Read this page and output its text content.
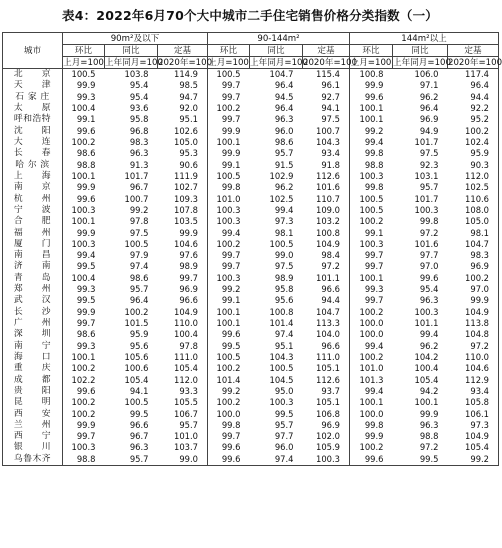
表4：2022年6月70个大中城市二手住宅销售价格分类指数（一）
城市	90m²及以下			90-144m²			144m²以上		
	环比	同比	定基	环比	同比	定基	环比	同比	定基
	上月=100	上年同月=100	2020年=100	上月=100	上年同月=100	2020年=100	上月=100	上年同月=100	2020年=100
北　　京	100.5	103.8	114.9	100.5	104.7	115.4	100.8	106.0	117.4
天　　津	99.9	95.4	98.5	99.7	96.4	96.1	99.9	97.1	96.4
石 家 庄	99.3	95.4	94.7	99.7	94.5	92.7	99.6	96.2	94.4
太　　原	100.4	93.6	92.0	100.2	96.4	94.1	100.1	96.4	92.2
呼和浩特	99.1	95.8	95.1	99.7	96.3	97.5	100.1	96.9	95.2
沈　　阳	99.6	96.8	102.6	99.9	96.0	100.7	99.2	94.9	100.2
大　　连	100.2	98.3	105.0	100.1	98.6	104.3	99.4	101.7	102.4
长　　春	98.6	96.3	95.3	99.9	95.7	93.4	99.8	97.5	95.9
哈 尔 滨	98.8	91.3	90.6	99.1	91.5	91.8	98.8	92.3	90.3
上　　海	100.1	101.7	111.9	100.5	102.9	112.6	100.3	103.1	112.0
南　　京	99.9	96.7	102.7	99.8	96.2	101.6	99.8	95.7	102.5
杭　　州	99.6	100.7	109.3	101.0	102.5	110.7	100.5	101.7	110.6
宁　　波	100.3	99.2	107.8	100.3	99.4	109.0	100.5	100.3	108.0
合　　肥	100.1	97.8	103.5	100.3	97.3	103.2	100.2	99.8	105.0
福　　州	99.9	97.5	99.9	99.4	98.1	100.8	99.1	97.2	98.1
厦　　门	100.3	100.5	104.6	100.2	100.5	104.9	100.3	101.6	104.7
南　　昌	99.4	97.9	97.6	99.7	99.0	98.4	99.7	97.7	98.3
济　　南	99.5	97.4	98.9	99.7	97.5	97.2	99.7	97.0	96.9
青　　岛	100.4	98.6	99.7	100.3	98.9	101.1	100.1	99.6	100.2
郑　　州	99.3	95.7	96.9	99.2	95.8	96.6	99.3	95.4	97.0
武　　汉	99.5	96.4	96.6	99.1	95.6	94.4	99.7	96.3	99.9
长　　沙	99.9	100.2	104.9	100.1	100.8	104.7	100.2	100.3	104.9
广　　州	99.7	101.5	110.0	100.1	101.4	113.3	100.0	101.1	113.8
深　　圳	98.6	95.9	100.4	99.6	97.4	104.0	100.0	99.4	104.8
南　　宁	99.3	95.6	97.8	99.5	95.1	96.6	99.4	96.2	97.2
海　　口	100.1	105.6	111.0	100.5	104.3	111.0	100.2	104.2	110.0
重　　庆	100.2	100.6	105.4	100.2	100.5	105.1	101.0	100.4	104.6
成　　都	102.2	105.4	112.0	101.4	104.5	112.6	101.3	105.4	112.9
贵　　阳	99.6	94.1	93.3	99.2	95.0	93.7	99.4	94.2	93.4
昆　　明	100.2	100.5	105.5	100.2	100.3	105.1	100.1	100.1	105.8
西　　安	100.2	99.5	106.7	100.0	99.5	106.8	100.0	99.9	106.1
兰　　州	99.9	96.6	95.7	99.8	95.7	96.9	99.8	96.3	97.3
西　　宁	99.7	96.7	101.0	99.7	97.7	102.0	99.9	98.8	104.9
银　　川	100.3	96.3	103.7	99.6	96.0	105.9	100.2	97.2	105.4
乌鲁木齐	98.8	95.7	99.0	99.6	97.4	100.3	99.6	99.5	99.2
